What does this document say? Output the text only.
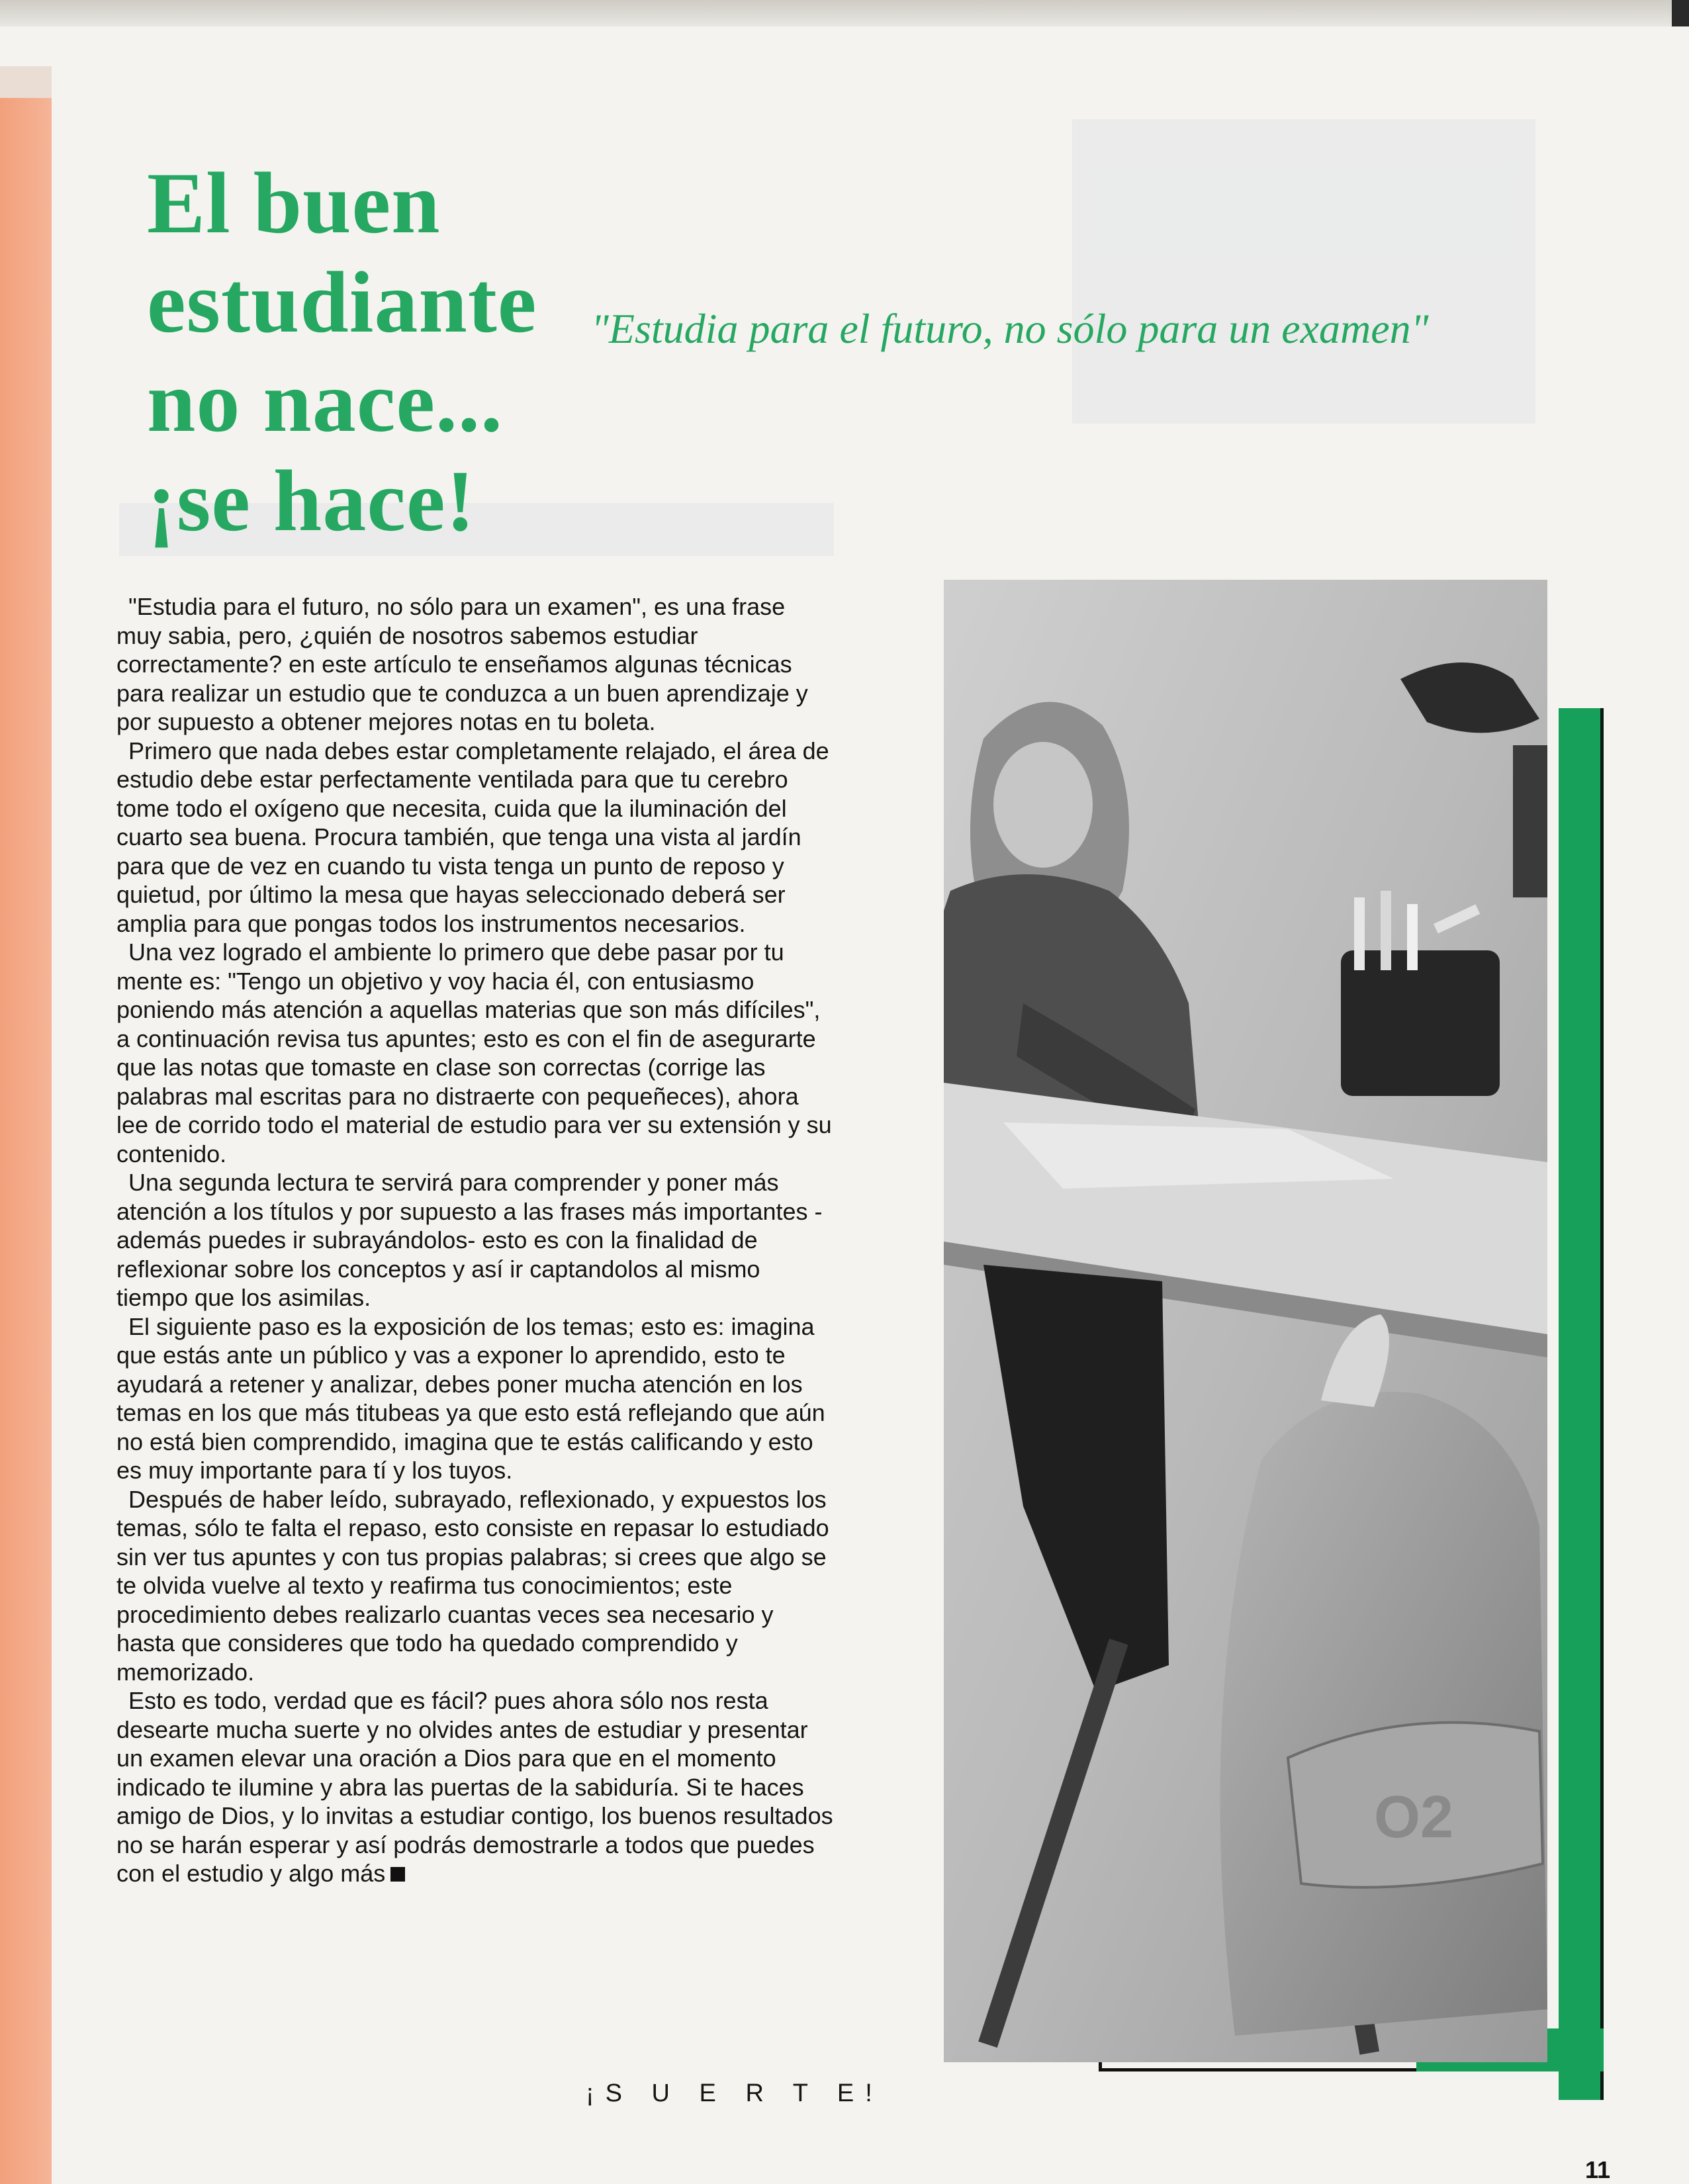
El buen
estudiante
no nace...
¡se hace!

"Estudia para el futuro, no sólo para un examen"

"Estudia para el futuro, no sólo para un examen", es una frase muy sabia, pero, ¿quién de nosotros sabemos estudiar correctamente? en este artículo te enseñamos algunas técnicas para realizar un estudio que te conduzca a un buen aprendizaje y por supuesto a obtener mejores notas en tu boleta.

Primero que nada debes estar completamente relajado, el área de estudio debe estar perfectamente ventilada para que tu cerebro tome todo el oxígeno que necesita, cuida que la iluminación del cuarto sea buena. Procura también, que tenga una vista al jardín para que de vez en cuando tu vista tenga un punto de reposo y quietud, por último la mesa que hayas seleccionado deberá ser amplia para que pongas todos los instrumentos necesarios.

Una vez logrado el ambiente lo primero que debe pasar por tu mente es: "Tengo un objetivo y voy hacia él, con entusiasmo poniendo más atención a aquellas materias que son más difíciles", a continuación revisa tus apuntes; esto es con el fin de asegurarte que las notas que tomaste en clase son correctas (corrige las palabras mal escritas para no distraerte con pequeñeces), ahora lee de corrido todo el material de estudio para ver su extensión y su contenido.

Una segunda lectura te servirá para comprender y poner más atención a los títulos y por supuesto a las frases más importantes -además puedes ir subrayándolos- esto es con la finalidad de reflexionar sobre los conceptos y así ir captandolos al mismo tiempo que los asimilas.

El siguiente paso es la exposición de los temas; esto es: imagina que estás ante un público y vas a exponer lo aprendido, esto te ayudará a retener y analizar, debes poner mucha atención en los temas en los que más titubeas ya que esto está reflejando que aún no está bien comprendido, imagina que te estás calificando y esto es muy importante para tí y los tuyos.

Después de haber leído, subrayado, reflexionado, y expuestos los temas, sólo te falta el repaso, esto consiste en repasar lo estudiado sin ver tus apuntes y con tus propias palabras; si crees que algo se te olvida vuelve al texto y reafirma tus conocimientos; este procedimiento debes realizarlo cuantas veces sea necesario y hasta que consideres que todo ha quedado comprendido y memorizado.

Esto es todo, verdad que es fácil? pues ahora sólo nos resta desearte mucha suerte y no olvides antes de estudiar y presentar un examen elevar una oración a Dios para que en el momento indicado te ilumine y abra las puertas de la sabiduría. Si te haces amigo de Dios, y lo invitas a estudiar contigo, los buenos resultados no se harán esperar y así podrás demostrarle a todos que puedes con el estudio y algo más

¡S U E R T E!
O2
11
